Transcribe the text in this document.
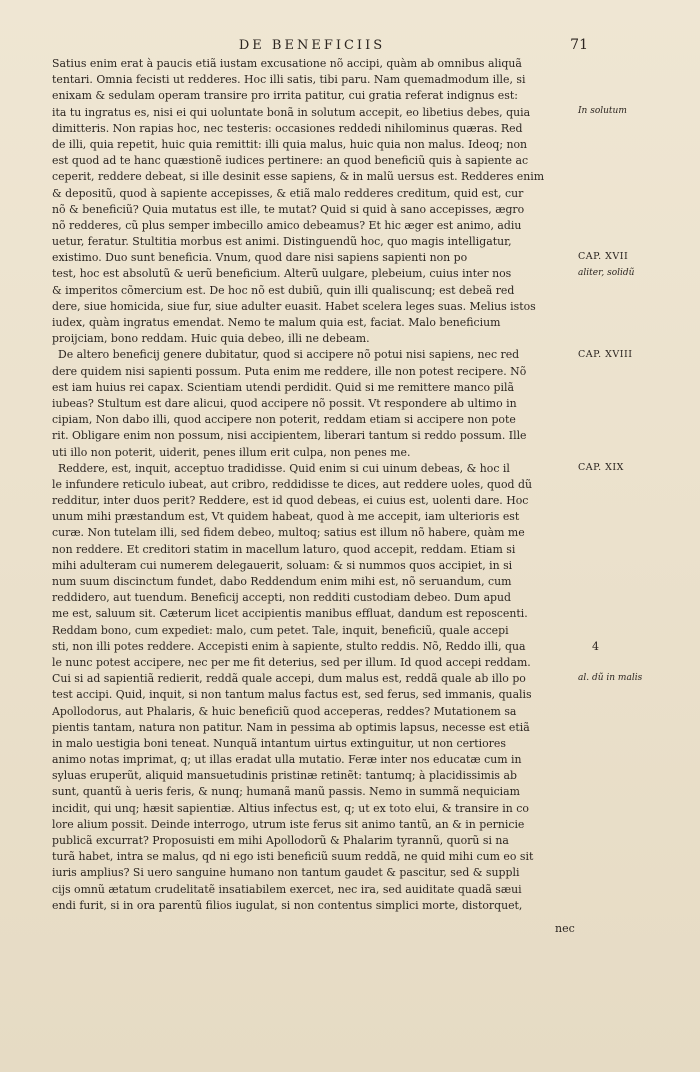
DE BENEFICIIS	71
Satius enim erat à paucis etiã iustam excusatione nõ accipi, quàm ab omnibus aliquã
tentari. Omnia fecisti ut redderes. Hoc illi satis, tibi paru. Nam quemadmodum ille, si
enixam & sedulam operam transire pro irrita patitur, cui gratia referat indignus est:
ita tu ingratus es, nisi ei qui uoluntate bonã in solutum accepit, eo libetius debes, quia
dimitteris. Non rapias hoc, nec testeris: occasiones reddedi nihilominus quæras. Red
de illi, quia repetit, huic quia remittit: illi quia malus, huic quia non malus. Ideoq; non
est quod ad te hanc quæstionẽ iudices pertinere: an quod beneficiũ quis à sapiente ac
ceperit, reddere debeat, si ille desinit esse sapiens, & in malũ uersus est. Redderes enim
& depositũ, quod à sapiente accepisses, & etiã malo redderes creditum, quid est, cur
nõ & beneficiũ? Quia mutatus est ille, te mutat? Quid si quid à sano accepisses, ægro
nõ redderes, cũ plus semper imbecillo amico debeamus? Et hic æger est animo, adiu
uetur, feratur. Stultitia morbus est animi. Distinguendũ hoc, quo magis intelligatur,
existimo. Duo sunt beneficia. Vnum, quod dare nisi sapiens sapienti non po
test, hoc est absolutũ & uerũ beneficium. Alterũ uulgare, plebeium, cuius inter nos
& imperitos cõmercium est. De hoc nõ est dubiũ, quin illi qualiscunq; est debeã red
dere, siue homicida, siue fur, siue adulter euasit. Habet scelera leges suas. Melius istos
iudex, quàm ingratus emendat. Nemo te malum quia est, faciat. Malo beneficium
proijciam, bono reddam. Huic quia debeo, illi ne debeam.
De altero beneficij genere dubitatur, quod si accipere nõ potui nisi sapiens, nec red
dere quidem nisi sapienti possum. Puta enim me reddere, ille non potest recipere. Nõ
est iam huius rei capax. Scientiam utendi perdidit. Quid si me remittere manco pilã
iubeas? Stultum est dare alicui, quod accipere nõ possit. Vt respondere ab ultimo in
cipiam, Non dabo illi, quod accipere non poterit, reddam etiam si accipere non pote
rit. Obligare enim non possum, nisi accipientem, liberari tantum si reddo possum. Ille
uti illo non poterit, uiderit, penes illum erit culpa, non penes me.
Reddere, est, inquit, acceptuo tradidisse. Quid enim si cui uinum debeas, & hoc il
le infundere reticulo iubeat, aut cribro, reddidisse te dices, aut reddere uoles, quod dũ
redditur, inter duos perit? Reddere, est id quod debeas, ei cuius est, uolenti dare. Hoc
unum mihi præstandum est, Vt quidem habeat, quod à me accepit, iam ulterioris est
curæ. Non tutelam illi, sed fidem debeo, multoq; satius est illum nõ habere, quàm me
non reddere. Et creditori statim in macellum laturo, quod accepit, reddam. Etiam si
mihi adulteram cui numerem delegauerit, soluam: & si nummos quos accipiet, in si
num suum discinctum fundet, dabo Reddendum enim mihi est, nõ seruandum, cum
reddidero, aut tuendum. Beneficij accepti, non redditi custodiam debeo. Dum apud
me est, saluum sit. Cæterum licet accipientis manibus effluat, dandum est reposcenti.
Reddam bono, cum expediet: malo, cum petet. Tale, inquit, beneficiũ, quale accepi
sti, non illi potes reddere. Accepisti enim à sapiente, stulto reddis. Nõ, Reddo illi, qua
le nunc potest accipere, nec per me fit deterius, sed per illum. Id quod accepi reddam.
Cui si ad sapientiã redierit, reddã quale accepi, dum malus est, reddã quale ab illo po
test accipi. Quid, inquit, si non tantum malus factus est, sed ferus, sed immanis, qualis
Apollodorus, aut Phalaris, & huic beneficiũ quod acceperas, reddes? Mutationem sa
pientis tantam, natura non patitur. Nam in pessima ab optimis lapsus, necesse est etiã
in malo uestigia boni teneat. Nunquã intantum uirtus extinguitur, ut non certiores
animo notas imprimat, q; ut illas eradat ulla mutatio. Feræ inter nos educatæ cum in
syluas eruperũt, aliquid mansuetudinis pristinæ retinẽt: tantumq; à placidissimis ab
sunt, quantũ à ueris feris, & nunq; humanã manũ passis. Nemo in summã nequiciam
incidit, qui unq; hæsit sapientiæ. Altius infectus est, q; ut ex toto elui, & transire in co
lore alium possit. Deinde interrogo, utrum iste ferus sit animo tantũ, an & in pernicie
publicã excurrat? Proposuisti em mihi Apollodorũ & Phalarim tyrannũ, quorũ si na
turã habet, intra se malus, qd ni ego isti beneficiũ suum reddã, ne quid mihi cum eo sit
iuris amplius? Si uero sanguine humano non tantum gaudet & pascitur, sed & suppli
cijs omnũ ætatum crudelitatẽ insatiabilem exercet, nec ira, sed auiditate quadã sæui
endi furit, si in ora parentũ filios iugulat, si non contentus simplici morte, distorquet,
In solutum
CAP. XVII
aliter, solidũ
CAP. XVIII
CAP. XIX
4
al. dũ in malis
nec
